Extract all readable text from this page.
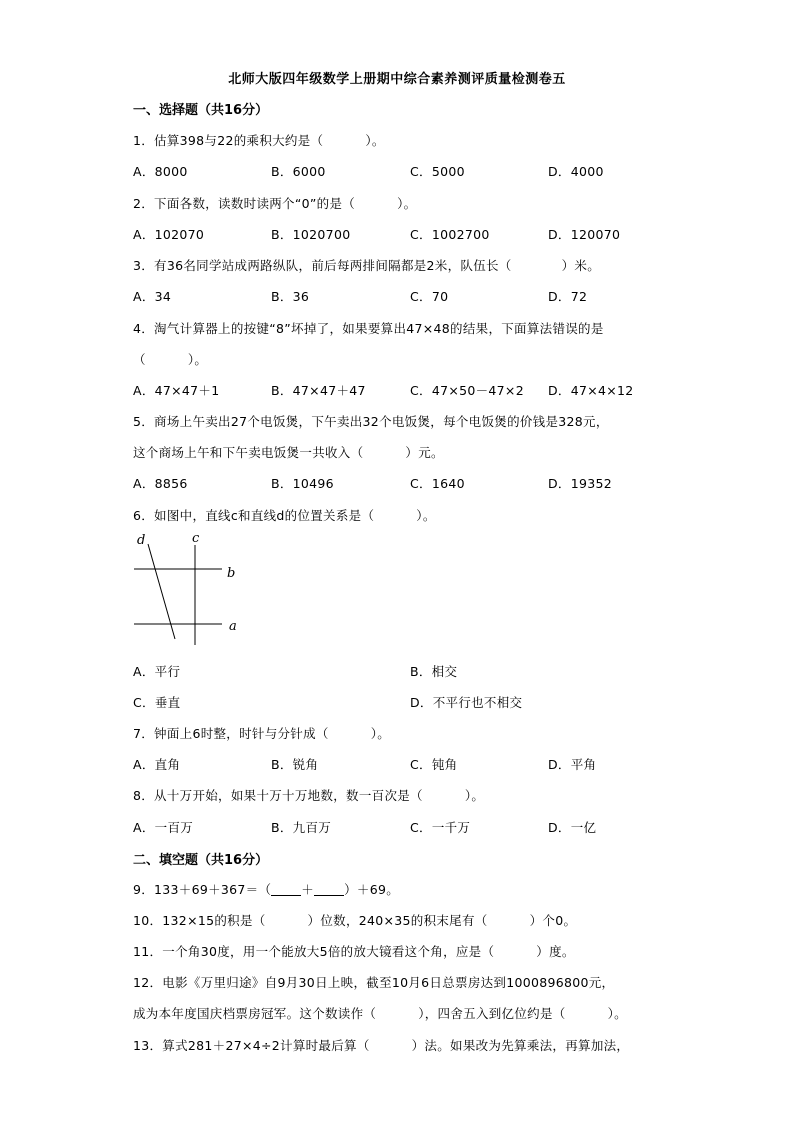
北师大版四年级数学上册期中综合素养测评质量检测卷五
一、选择题（共16分）
1．估算398与22的乘积大约是（	）。
A．8000	B．6000	C．5000	D．4000
2．下面各数，读数时读两个“0”的是（	）。
A．102070	B．1020700	C．1002700	D．120070
3．有36名同学站成两路纵队，前后每两排间隔都是2米，队伍长（	）米。
A．34	B．36	C．70	D．72
4．淘气计算器上的按键“8”坏掉了，如果要算出47×48的结果，下面算法错误的是
（	）。
A．47×47＋1	B．47×47＋47	C．47×50－47×2 D．47×4×12
5．商场上午卖出27个电饭煲，下午卖出32个电饭煲，每个电饭煲的价钱是328元，
这个商场上午和下午卖电饭煲一共收入（	）元。
A．8856	B．10496	C．1640	D．19352
6．如图中，直线c和直线d的位置关系是（	）。
d	c
b
a
A．平行	B．相交
C．垂直	D．不平行也不相交
7．钟面上6时整，时针与分针成（	）。
A．直角	B．锐角	C．钝角	D．平角
8．从十万开始，如果十万十万地数，数一百次是（	）。
A．一百万	B．九百万	C．一千万	D．一亿
二、填空题（共16分）
9．133＋69＋367＝（ ＋ ）＋69。
10．132×15的积是（	）位数，240×35的积末尾有（	）个0。
11．一个角30度，用一个能放大5倍的放大镜看这个角，应是（	）度。
12．电影《万里归途》自9月30日上映，截至10月6日总票房达到1000896800元，
成为本年度国庆档票房冠军。这个数读作（	），四舍五入到亿位约是（	）。
13．算式281＋27×4÷2计算时最后算（	）法。如果改为先算乘法，再算加法，
